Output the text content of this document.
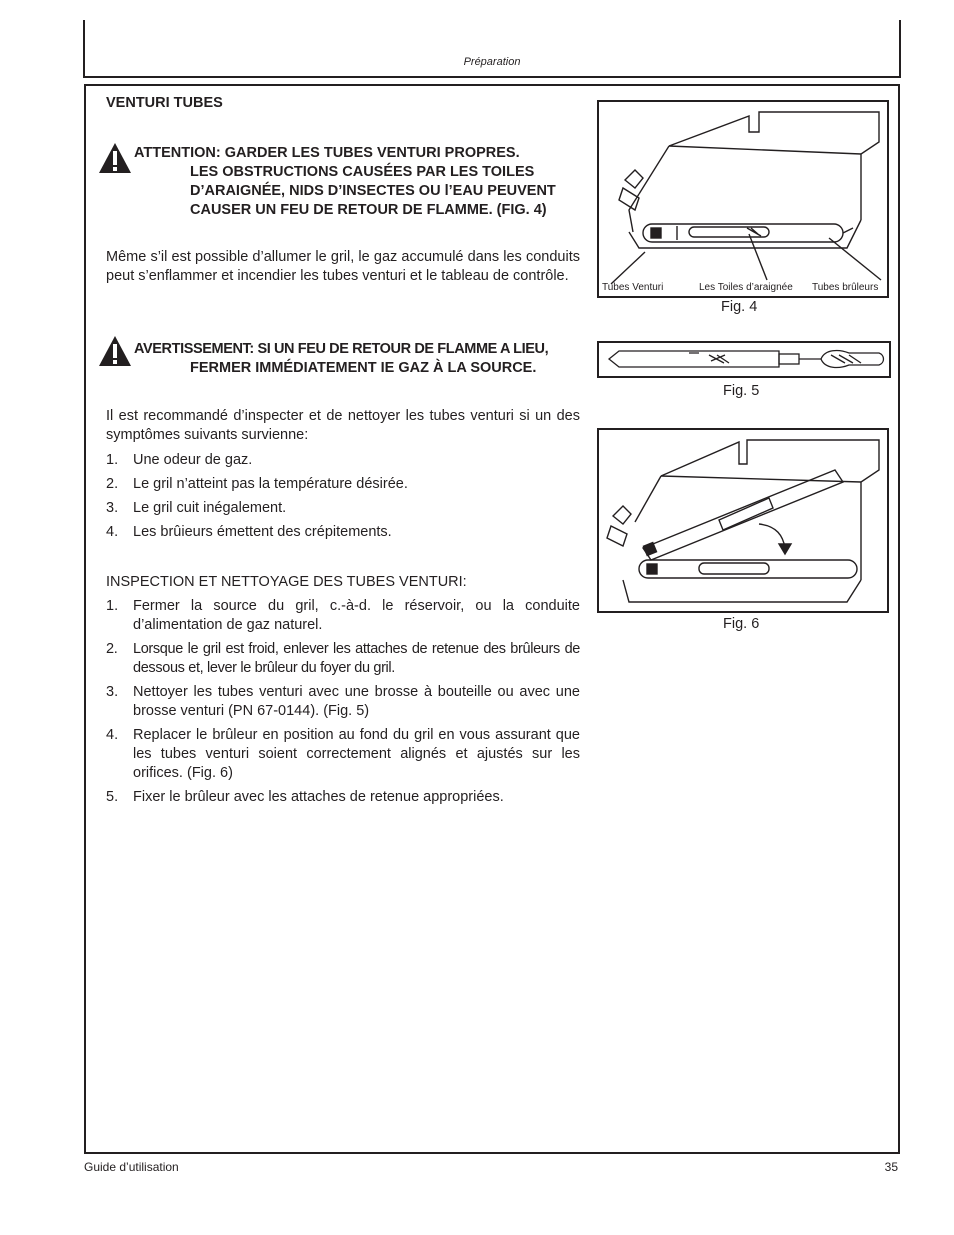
Préparation
VENTURI TUBES
ATTENTION: GARDER LES TUBES VENTURI PROPRES.
LES OBSTRUCTIONS CAUSÉES PAR LES TOILES
D’ARAIGNÉE, NIDS D’INSECTES OU l’EAU PEUVENT
CAUSER UN FEU DE RETOUR DE FLAMME. (FIG. 4)
Même s’il est possible d’allumer le gril, le gaz accumulé dans les conduits peut s’enflammer et incendier les tubes venturi et le tableau de contrôle.
AVERTISSEMENT: SI UN FEU DE RETOUR DE FLAMME A LIEU,
FERMER IMMÉDIATEMENT IE GAZ À LA SOURCE.
Il est recommandé d’inspecter et de nettoyer les tubes venturi si un des symptômes suivants survienne:
1. Une odeur de gaz.
2. Le gril n’atteint pas la température désirée.
3. Le gril cuit inégalement.
4. Les brûieurs émettent des crépitements.
INSPECTION ET NETTOYAGE DES TUBES VENTURI:
1. Fermer la source du gril, c.-à-d. le réservoir, ou la conduite d’alimentation de gaz naturel.
2. Lorsque le gril est froid, enlever les attaches de retenue des brûleurs de dessous et, lever le brûleur du foyer du gril.
3. Nettoyer les tubes venturi avec une brosse à bouteille ou avec une brosse venturi (PN 67-0144). (Fig. 5)
4. Replacer le brûleur en position au fond du gril en vous assurant que les tubes venturi soient correctement alignés et ajustés sur les orifices. (Fig. 6)
5. Fixer le brûleur avec les attaches de retenue appropriées.
Tubes Venturi	Les Toiles d’araignée Tubes brûleurs
Fig. 4
Fig. 5
Fig. 6
Guide d’utilisation	35
